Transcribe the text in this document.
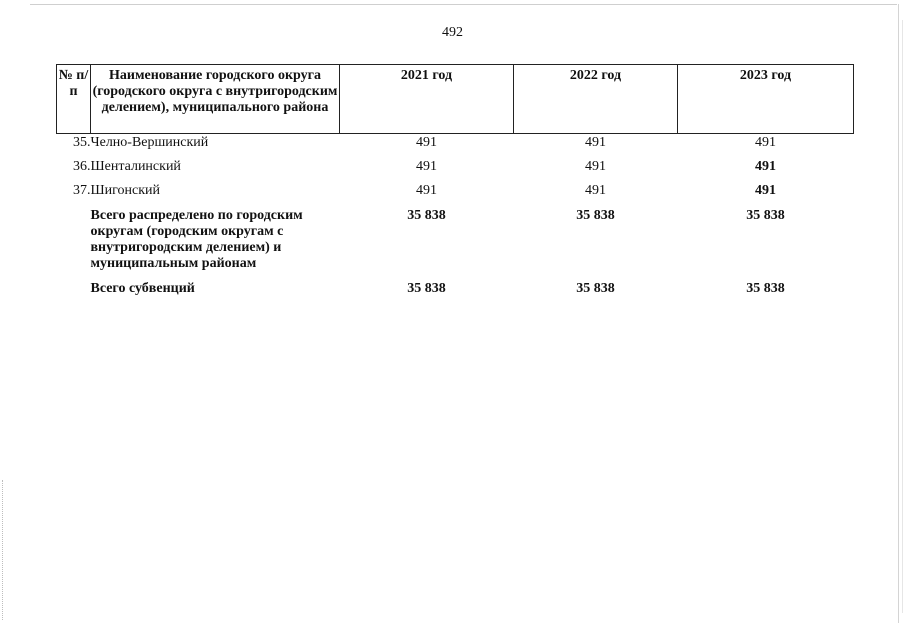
492
№ п/п	Наименование городского округа (городского округа с внутригородским делением), муниципального района	2021 год	2022 год	2023 год
35.	Челно-Вершинский	491	491	491
36.	Шенталинский	491	491	491
37.	Шигонский	491	491	491
	Всего распределено по городским округам (городским округам с внутригородским делением) и муниципальным районам	35 838	35 838	35 838
	Всего субвенций	35 838	35 838	35 838
